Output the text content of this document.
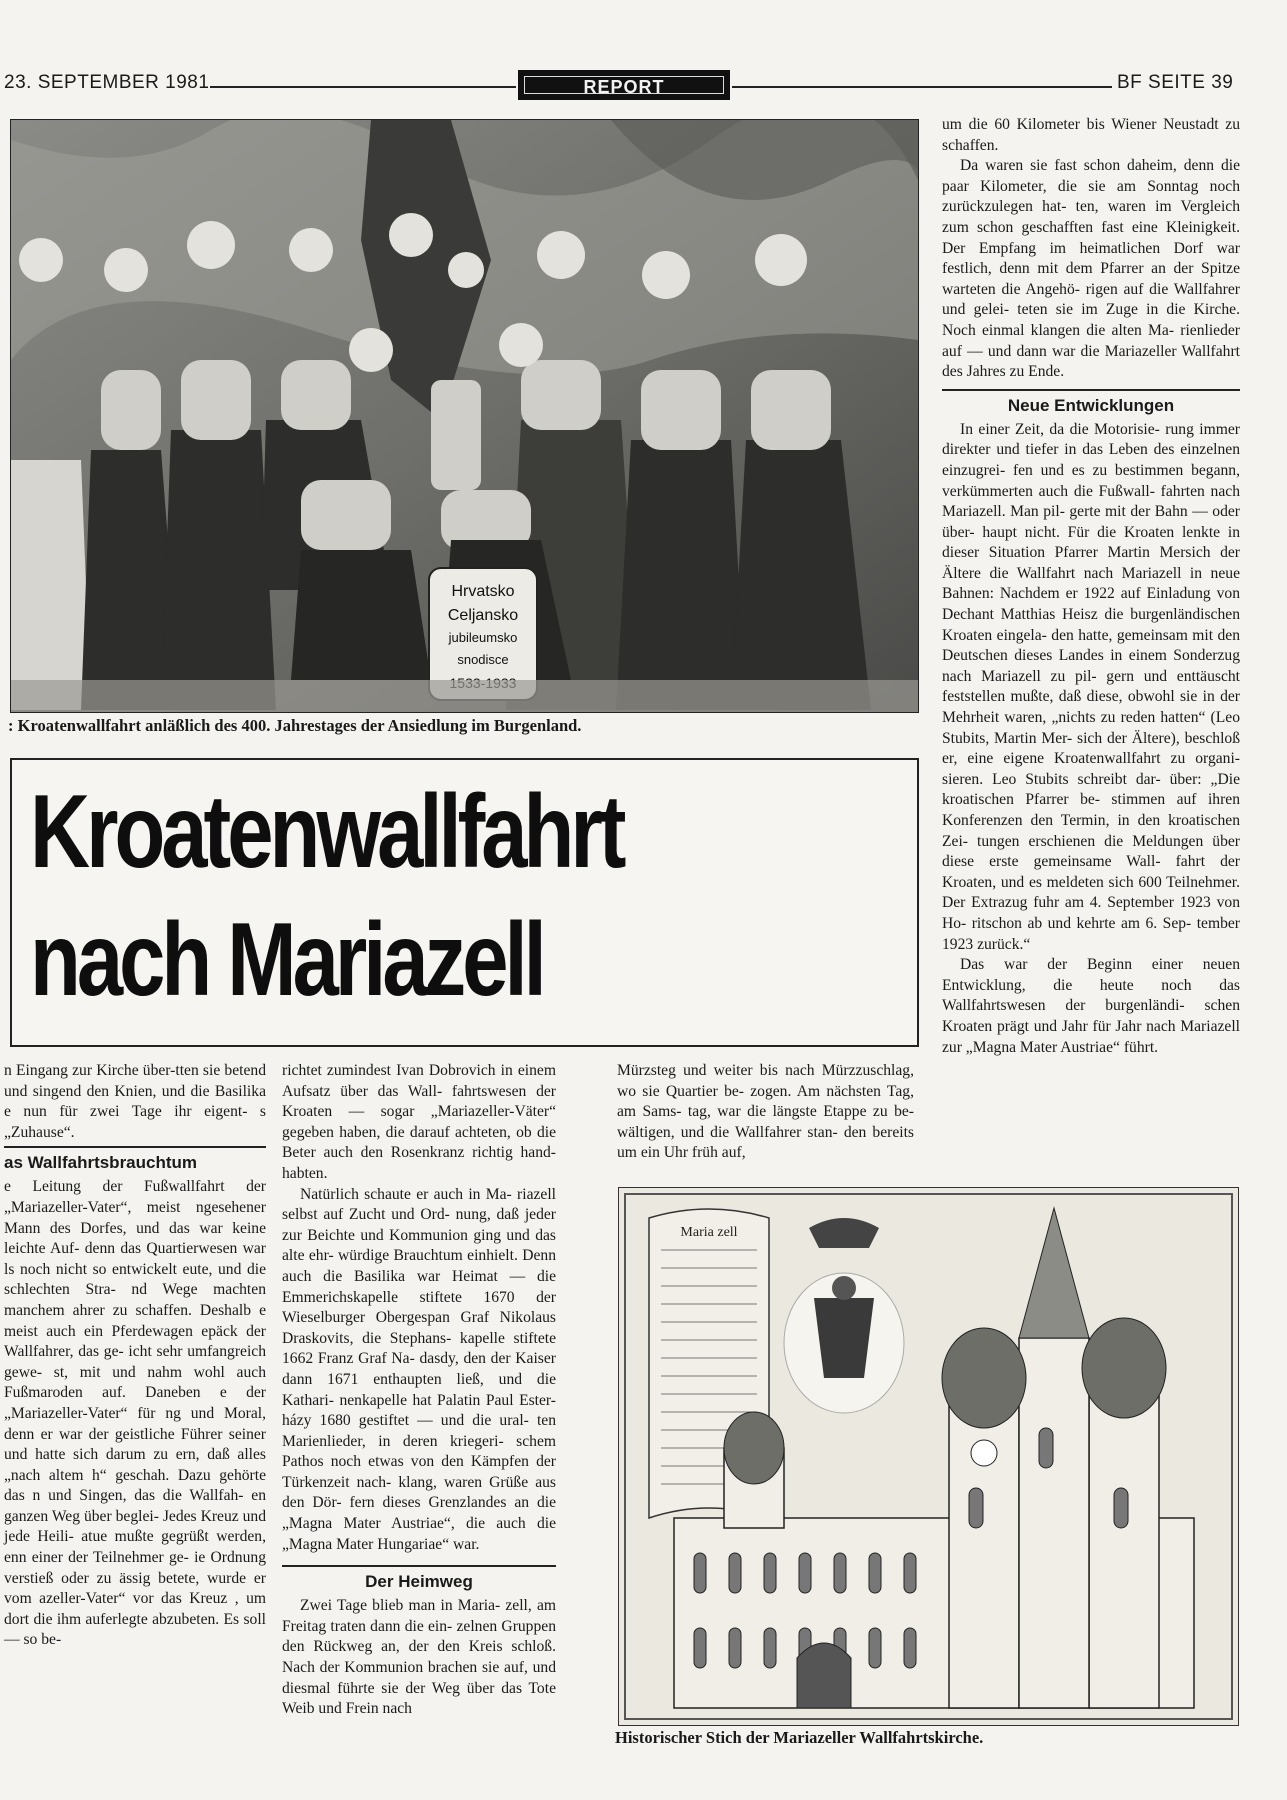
23. SEPTEMBER 1981	REPORT	BF SEITE 39
Hrvatsko
Celjansko
jubileumsko
snodisce
: Kroatenwallfahrt anläßlich des 400. Jahrestages der Ansiedlung im Burgenland.
Kroatenwallfahrt
nach Mariazell

n Eingang zur Kirche über-tten sie betend und singend den Knien, und die Basilika e nun für zwei Tage ihr eigent- s „Zuhause“.

as Wallfahrtsbrauchtum

e Leitung der Fußwallfahrt der „Mariazeller-Vater“, meist ngesehener Mann des Dorfes, und das war keine leichte Auf- denn das Quartierwesen war ls noch nicht so entwickelt eute, und die schlechten Stra- nd Wege machten manchem ahrer zu schaffen. Deshalb e meist auch ein Pferdewagen epäck der Wallfahrer, das ge- icht sehr umfangreich gewe- st, mit und nahm wohl auch Fußmaroden auf. Daneben e der „Mariazeller-Vater“ für ng und Moral, denn er war der geistliche Führer seiner und hatte sich darum zu ern, daß alles „nach altem h“ geschah. Dazu gehörte das n und Singen, das die Wallfah- en ganzen Weg über beglei- Jedes Kreuz und jede Heili- atue mußte gegrüßt werden, enn einer der Teilnehmer ge- ie Ordnung verstieß oder zu ässig betete, wurde er vom azeller-Vater“ vor das Kreuz , um dort die ihm auferlegte abzubeten. Es soll — so be-

richtet zumindest Ivan Dobrovich in einem Aufsatz über das Wall- fahrtswesen der Kroaten — sogar „Mariazeller-Väter“ gegeben haben, die darauf achteten, ob die Beter auch den Rosenkranz richtig hand- habten.

Natürlich schaute er auch in Ma- riazell selbst auf Zucht und Ord- nung, daß jeder zur Beichte und Kommunion ging und das alte ehr- würdige Brauchtum einhielt. Denn auch die Basilika war Heimat — die Emmerichskapelle stiftete 1670 der Wieselburger Obergespan Graf Nikolaus Draskovits, die Stephans- kapelle stiftete 1662 Franz Graf Na- dasdy, den der Kaiser dann 1671 enthaupten ließ, und die Kathari- nenkapelle hat Palatin Paul Ester- házy 1680 gestiftet — und die ural- ten Marienlieder, in deren kriegeri- schem Pathos noch etwas von den Kämpfen der Türkenzeit nach- klang, waren Grüße aus den Dör- fern dieses Grenzlandes an die „Magna Mater Austriae“, die auch die „Magna Mater Hungariae“ war.

Der Heimweg

Zwei Tage blieb man in Maria- zell, am Freitag traten dann die ein- zelnen Gruppen den Rückweg an, der den Kreis schloß. Nach der Kommunion brachen sie auf, und diesmal führte sie der Weg über das Tote Weib und Frein nach

Mürzsteg und weiter bis nach Mürzzuschlag, wo sie Quartier be- zogen. Am nächsten Tag, am Sams- tag, war die längste Etappe zu be- wältigen, und die Wallfahrer stan- den bereits um ein Uhr früh auf,

Maria zell
Historischer Stich der Mariazeller Wallfahrtskirche.

um die 60 Kilometer bis Wiener Neustadt zu schaffen.

Da waren sie fast schon daheim, denn die paar Kilometer, die sie am Sonntag noch zurückzulegen hat- ten, waren im Vergleich zum schon geschafften fast eine Kleinigkeit. Der Empfang im heimatlichen Dorf war festlich, denn mit dem Pfarrer an der Spitze warteten die Angehö- rigen auf die Wallfahrer und gelei- teten sie im Zuge in die Kirche. Noch einmal klangen die alten Ma- rienlieder auf — und dann war die Mariazeller Wallfahrt des Jahres zu Ende.

Neue Entwicklungen

In einer Zeit, da die Motorisie- rung immer direkter und tiefer in das Leben des einzelnen einzugrei- fen und es zu bestimmen begann, verkümmerten auch die Fußwall- fahrten nach Mariazell. Man pil- gerte mit der Bahn — oder über- haupt nicht. Für die Kroaten lenkte in dieser Situation Pfarrer Martin Mersich der Ältere die Wallfahrt nach Mariazell in neue Bahnen: Nachdem er 1922 auf Einladung von Dechant Matthias Heisz die burgenländischen Kroaten eingela- den hatte, gemeinsam mit den Deutschen dieses Landes in einem Sonderzug nach Mariazell zu pil- gern und enttäuscht feststellen mußte, daß diese, obwohl sie in der Mehrheit waren, „nichts zu reden hatten“ (Leo Stubits, Martin Mer- sich der Ältere), beschloß er, eine eigene Kroatenwallfahrt zu organi- sieren. Leo Stubits schreibt dar- über: „Die kroatischen Pfarrer be- stimmen auf ihren Konferenzen den Termin, in den kroatischen Zei- tungen erschienen die Meldungen über diese erste gemeinsame Wall- fahrt der Kroaten, und es meldeten sich 600 Teilnehmer. Der Extrazug fuhr am 4. September 1923 von Ho- ritschon ab und kehrte am 6. Sep- tember 1923 zurück.“

Das war der Beginn einer neuen Entwicklung, die heute noch das Wallfahrtswesen der burgenländi- schen Kroaten prägt und Jahr für Jahr nach Mariazell zur „Magna Mater Austriae“ führt.
